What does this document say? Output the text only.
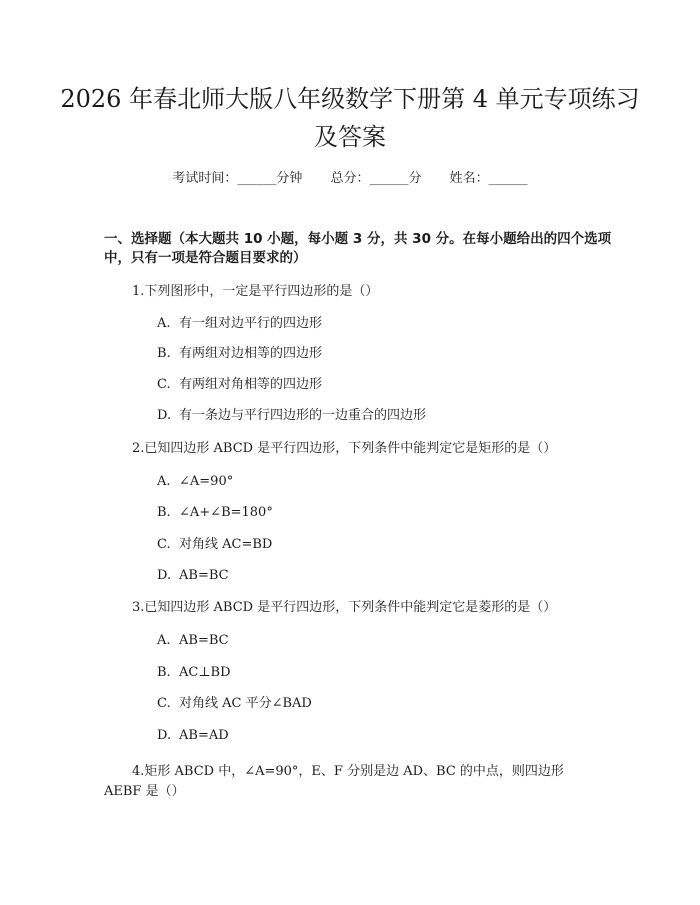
2026 年春北师大版八年级数学下册第 4 单元专项练习及答案
考试时间：______分钟 总分：______分 姓名：______
一、选择题（本大题共 10 小题，每小题 3 分，共 30 分。在每小题给出的四个选项中，只有一项是符合题目要求的）
1.下列图形中，一定是平行四边形的是（）
A. 有一组对边平行的四边形
B. 有两组对边相等的四边形
C. 有两组对角相等的四边形
D. 有一条边与平行四边形的一边重合的四边形
2.已知四边形 ABCD 是平行四边形，下列条件中能判定它是矩形的是（）
A. ∠A=90°
B. ∠A+∠B=180°
C. 对角线 AC=BD
D. AB=BC
3.已知四边形 ABCD 是平行四边形，下列条件中能判定它是菱形的是（）
A. AB=BC
B. AC⊥BD
C. 对角线 AC 平分∠BAD
D. AB=AD
4.矩形 ABCD 中，∠A=90°，E、F 分别是边 AD、BC 的中点，则四边形 AEBF 是（）
